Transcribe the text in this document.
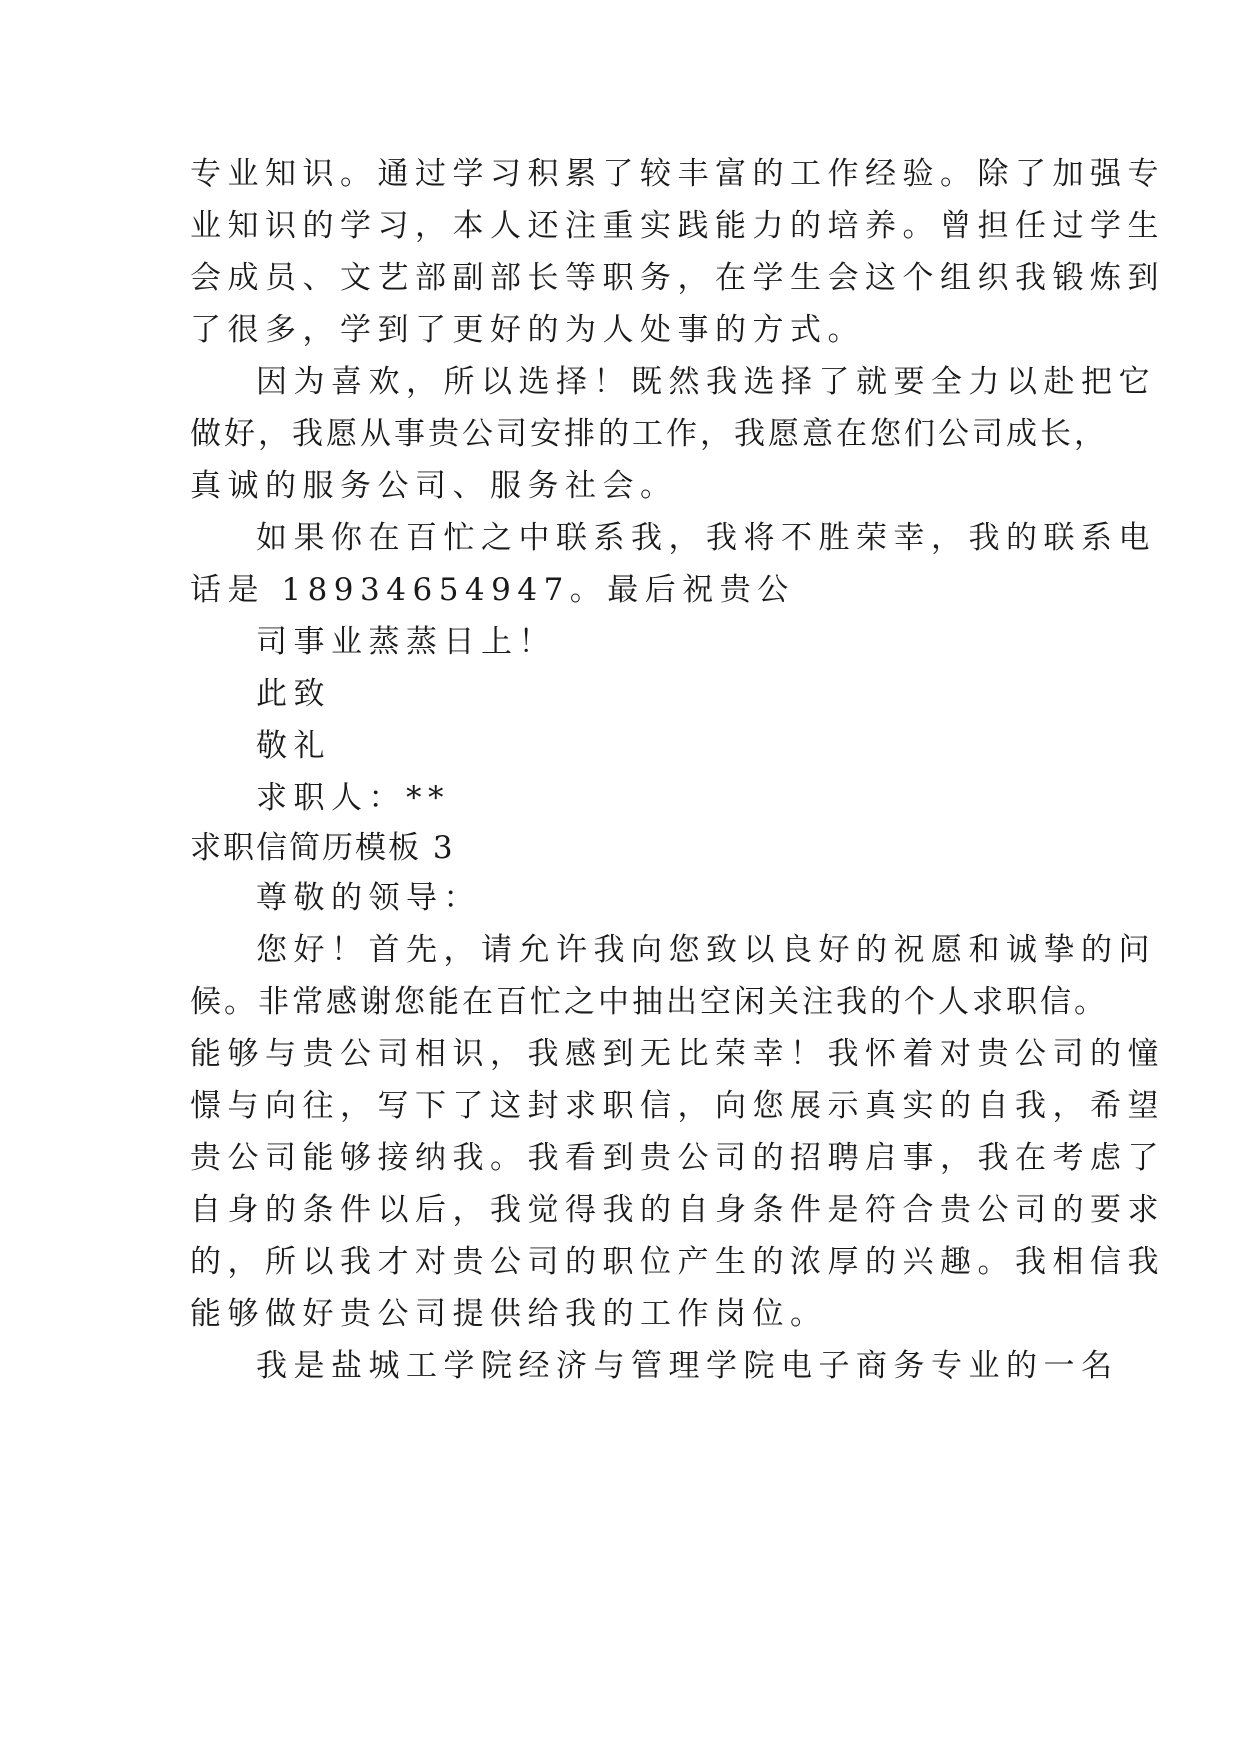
专业知识。通过学习积累了较丰富的工作经验。除了加强专
业知识的学习，本人还注重实践能力的培养。曾担任过学生
会成员、文艺部副部长等职务，在学生会这个组织我锻炼到
了很多，学到了更好的为人处事的方式。
因为喜欢，所以选择！既然我选择了就要全力以赴把它
做好，我愿从事贵公司安排的工作，我愿意在您们公司成长，
真诚的服务公司、服务社会。
如果你在百忙之中联系我，我将不胜荣幸，我的联系电
话是 18934654947。最后祝贵公
司事业蒸蒸日上！
此致
敬礼
求职人：**
求职信简历模板 3
尊敬的领导：
您好！首先，请允许我向您致以良好的祝愿和诚挚的问
候。非常感谢您能在百忙之中抽出空闲关注我的个人求职信。
能够与贵公司相识，我感到无比荣幸！我怀着对贵公司的憧
憬与向往，写下了这封求职信，向您展示真实的自我，希望
贵公司能够接纳我。我看到贵公司的招聘启事，我在考虑了
自身的条件以后，我觉得我的自身条件是符合贵公司的要求
的，所以我才对贵公司的职位产生的浓厚的兴趣。我相信我
能够做好贵公司提供给我的工作岗位。
我是盐城工学院经济与管理学院电子商务专业的一名
